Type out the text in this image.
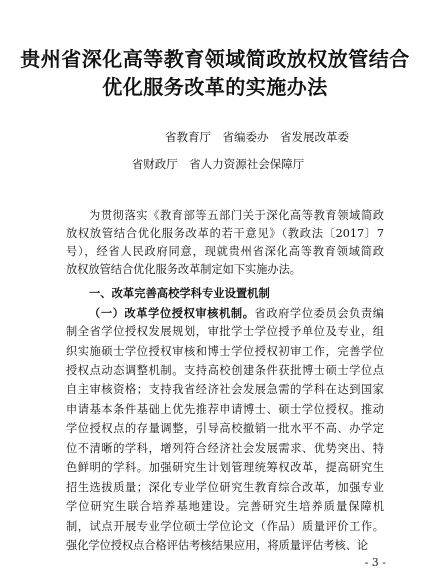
贵州省深化高等教育领域简政放权放管结合
优化服务改革的实施办法
省教育厅　省编委办　省发展改革委
省财政厅　省人力资源社会保障厅

为贯彻落实《教育部等五部门关于深化高等教育领域简政

放权放管结合优化服务改革的若干意见》（教政法〔2017〕7

号），经省人民政府同意，现就贵州省深化高等教育领域简政

放权放管结合优化服务改革制定如下实施办法。

一、改革完善高校学科专业设置机制

（一）改革学位授权审核机制。省政府学位委员会负责编

- 3 -

制全省学位授权发展规划，审批学士学位授予单位及专业，组

织实施硕士学位授权审核和博士学位授权初审工作，完善学位

授权点动态调整机制。支持高校创建条件获批博士硕士学位点

自主审核资格；支持我省经济社会发展急需的学科在达到国家

申请基本条件基础上优先推荐申请博士、硕士学位授权。推动

学位授权点的存量调整，引导高校撤销一批水平不高、办学定

位不清晰的学科，增列符合经济社会发展需求、优势突出、特

色鲜明的学科。加强研究生计划管理统筹权改革，提高研究生

招生选拔质量；深化专业学位研究生教育综合改革，加强专业

学位研究生联合培养基地建设。完善研究生培养质量保障机

制，试点开展专业学位硕士学位论文（作品）质量评价工作。

强化学位授权点合格评估考核结果应用，将质量评估考核、论
